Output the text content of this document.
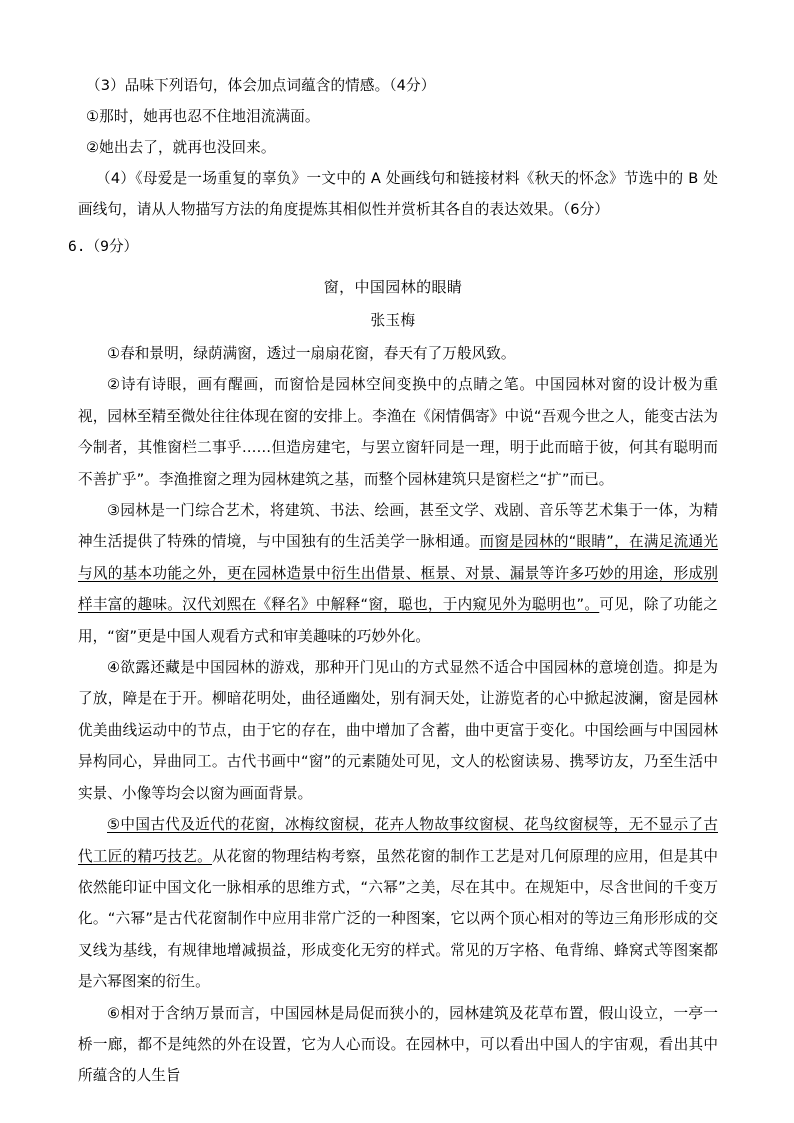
（3）品味下列语句，体会加点词蕴含的情感。（4分）
①那时，她再也忍不住地泪流满面。
②她出去了，就再也没回来。
（4）《母爱是一场重复的辜负》一文中的 A 处画线句和链接材料《秋天的怀念》节选中的 B 处画线句，请从人物描写方法的角度提炼其相似性并赏析其各自的表达效果。（6分）
6.（9分）
窗，中国园林的眼睛
张玉梅

①春和景明，绿荫满窗，透过一扇扇花窗，春天有了万般风致。

②诗有诗眼，画有醒画，而窗恰是园林空间变换中的点睛之笔。中国园林对窗的设计极为重视，园林至精至微处往往体现在窗的安排上。李渔在《闲情偶寄》中说“吾观今世之人，能变古法为今制者，其惟窗栏二事乎……但造房建宅，与罢立窗轩同是一理，明于此而暗于彼，何其有聪明而不善扩乎”。李渔推窗之理为园林建筑之基，而整个园林建筑只是窗栏之“扩”而已。

③园林是一门综合艺术，将建筑、书法、绘画，甚至文学、戏剧、音乐等艺术集于一体，为精神生活提供了特殊的情境，与中国独有的生活美学一脉相通。而窗是园林的“眼睛”，在满足流通光与风的基本功能之外，更在园林造景中衍生出借景、框景、对景、漏景等许多巧妙的用途，形成别样丰富的趣味。汉代刘熙在《释名》中解释“窗，聪也，于内窥见外为聪明也”。可见，除了功能之用，“窗”更是中国人观看方式和审美趣味的巧妙外化。

④欲露还藏是中国园林的游戏，那种开门见山的方式显然不适合中国园林的意境创造。抑是为了放，障是在于开。柳暗花明处，曲径通幽处，别有洞天处，让游览者的心中掀起波澜，窗是园林优美曲线运动中的节点，由于它的存在，曲中增加了含蓄，曲中更富于变化。中国绘画与中国园林异构同心，异曲同工。古代书画中“窗”的元素随处可见，文人的松窗读易、携琴访友，乃至生活中实景、小像等均会以窗为画面背景。

⑤中国古代及近代的花窗，冰梅纹窗棂，花卉人物故事纹窗棂、花鸟纹窗棂等，无不显示了古代工匠的精巧技艺。从花窗的物理结构考察，虽然花窗的制作工艺是对几何原理的应用，但是其中依然能印证中国文化一脉相承的思维方式，“六幂”之美，尽在其中。在规矩中，尽含世间的千变万化。“六幂”是古代花窗制作中应用非常广泛的一种图案，它以两个顶心相对的等边三角形形成的交叉线为基线，有规律地增减损益，形成变化无穷的样式。常见的万字格、龟背绵、蜂窝式等图案都是六幂图案的衍生。

⑥相对于含纳万景而言，中国园林是局促而狭小的，园林建筑及花草布置，假山设立，一亭一桥一廊，都不是纯然的外在设置，它为人心而设。在园林中，可以看出中国人的宇宙观，看出其中所蕴含的人生旨
